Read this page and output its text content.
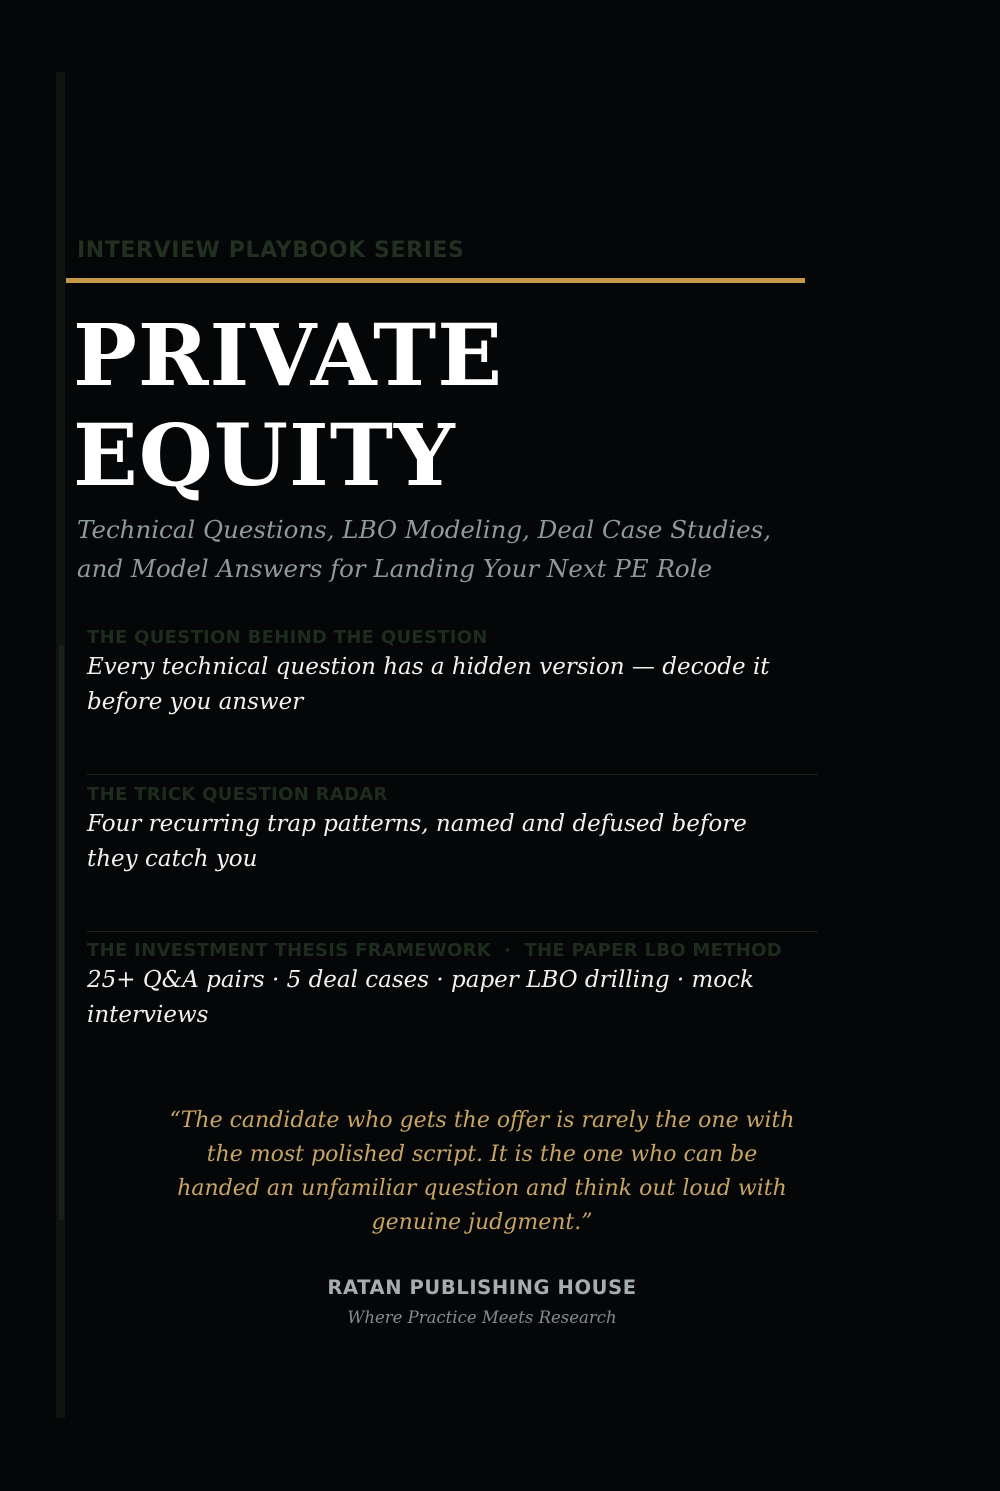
INTERVIEW PLAYBOOK SERIES
PRIVATE
EQUITY
Technical Questions, LBO Modeling, Deal Case Studies,
and Model Answers for Landing Your Next PE Role
THE QUESTION BEHIND THE QUESTION
Every technical question has a hidden version — decode it
before you answer
THE TRICK QUESTION RADAR
Four recurring trap patterns, named and defused before
they catch you
THE INVESTMENT THESIS FRAMEWORK  ·  THE PAPER LBO METHOD
25+ Q&A pairs · 5 deal cases · paper LBO drilling · mock
interviews
“The candidate who gets the offer is rarely the one with
the most polished script. It is the one who can be
handed an unfamiliar question and think out loud with
genuine judgment.”
RATAN PUBLISHING HOUSE
Where Practice Meets Research
